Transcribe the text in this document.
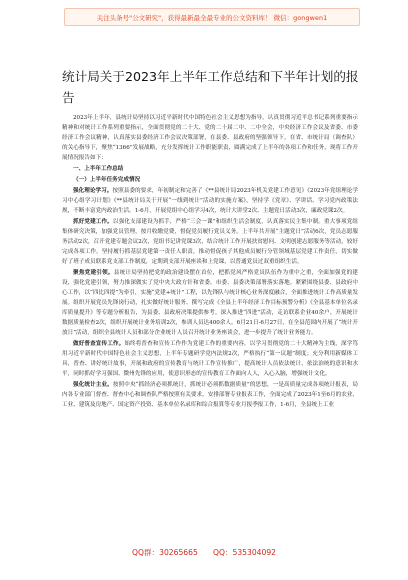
关注头条号"公文研究"，获得最新最全最专业的公文资料库！ 微信：gongwen1
统计局关于2023年上半年工作总结和下半年计划的报告

2023年上半年，县统计局坚持以习近平新时代中国特色社会主义思想为指导，认真贯彻习近平总书记系列重要指示精神和对统计工作系列重要指示，全面贯彻党的二十大、党的二十届二中、二中全会，中央经济工作会议及省委、市委经济工作会议精神，认真落实县委经济工作会议决策部署，在县委、县政府的坚强领导下，在省、市统计局（调查队）的关心指导下，聚焦“1366”发展战略，充分发挥统计工作职能职责，圆满完成了上半年的各项工作和任务，现将工作开展情况报告如下：

一、上半年工作总结

（一）上半年任务完成情况

强化理论学习。按照县委的要求，年初制定和完善了《**县统计局2023年机关党建工作意见》《2023年党组理论学习中心组学习计划》《**县统计局关于开展“一线到统计”活动的实施方案》，坚持学《党章》、学讲话、学习党内政策法规，不断丰富党内政治生活。1-6月，开展党组中心组学习4次，统计大讲堂2次、主题党日活动3次，廉政党课2次。

抓好党建工作。以强化支部建设为抓手，严格“三会一课”和组织生活会制度，认真落实民主集中制。重大事项党组集体研究决策，加强党员管理，按月收缴党费，督促党员履行党员义务。上半年共开展“主题党日”活动6次，党员志愿服务活动2次，召开党建专题会议2次，党组书记讲党课3次，结合统计工作开展扶贫慰问、文明创建志愿服务等活动，较好完成各项工作。坚持履行抓基层党建第一责任人职责，推动督促孩子其他成员履行分管领域基层党建工作责任，切实做好了班子成员联系党支部工作制度，定期到支部开展座谈和上党课，以普通党员过双重组织生活。

聚焦党建引领。县统计局坚持把党的政治建设摆在首位，把抓党风严格党员队伍作为重中之重，全面加强党的建设，强化党建引领，努力推深做实了党中央大政方针和省委、市委、县委决策部署落实落地。紧紧围绕县委、县政府中心工作，以“四比四提”为牵引，实施“党建+统计”工程，以先锋队与统计核心业务深度融合，全面推进统计工作高质量发展。组织开展党员先锋岗行动，扎实做好统计服务、撰写完成《全县上半年经济工作目标预警分析》《全县基本单位名录库质量提升》等专题分析报告，为县委、县政府决策提供参考。深入推进“四进”活动，走访联系企业40余户。开展统计数据质量检查2次，组织开展统计业务培训2次，参训人员达400余人。6月21日-6月27日，在全县范围内开展了“统计开放日”活动，组织全县统计人员和部分企业统计人员召开统计业务座谈会，进一步提升了统计业务能力。

做好普查宣传工作。始终将普查和宣传工作作为党建工作的重要内容，以学习贯彻党的二十大精神为主线，深学笃用习近平新时代中国特色社会主义思想，上半年专题研学党内法规2次，严格执行“第一议题”制度；充分利用新媒体工具，普查、讲好统计故事，开展和政府的宣传教育与统计工作宣传推广，提高统计人员依法统计、依法治统的意识和水平，同时抓好学习强国、微州先锋的应用，使意识形态的宣传教育工作面向人人，入心入脑，增强统计文化。

强化统计主业。按照中央“抓经济必须抓统计，抓统计必须抓数据质量”的思想，一是高质量完成各项统计报表，局内各专业部门督查、督查中心和调查队严格按照有关要求，安排部署专业报表工作，全面完成了2023年1至6月的农业、工业、建筑及房地产、国定资产投资、基本单位名录库和综合报算等专业月报季报工作，1-6月，全县统上工业

QQ群：30265665　　QQ：535304092
